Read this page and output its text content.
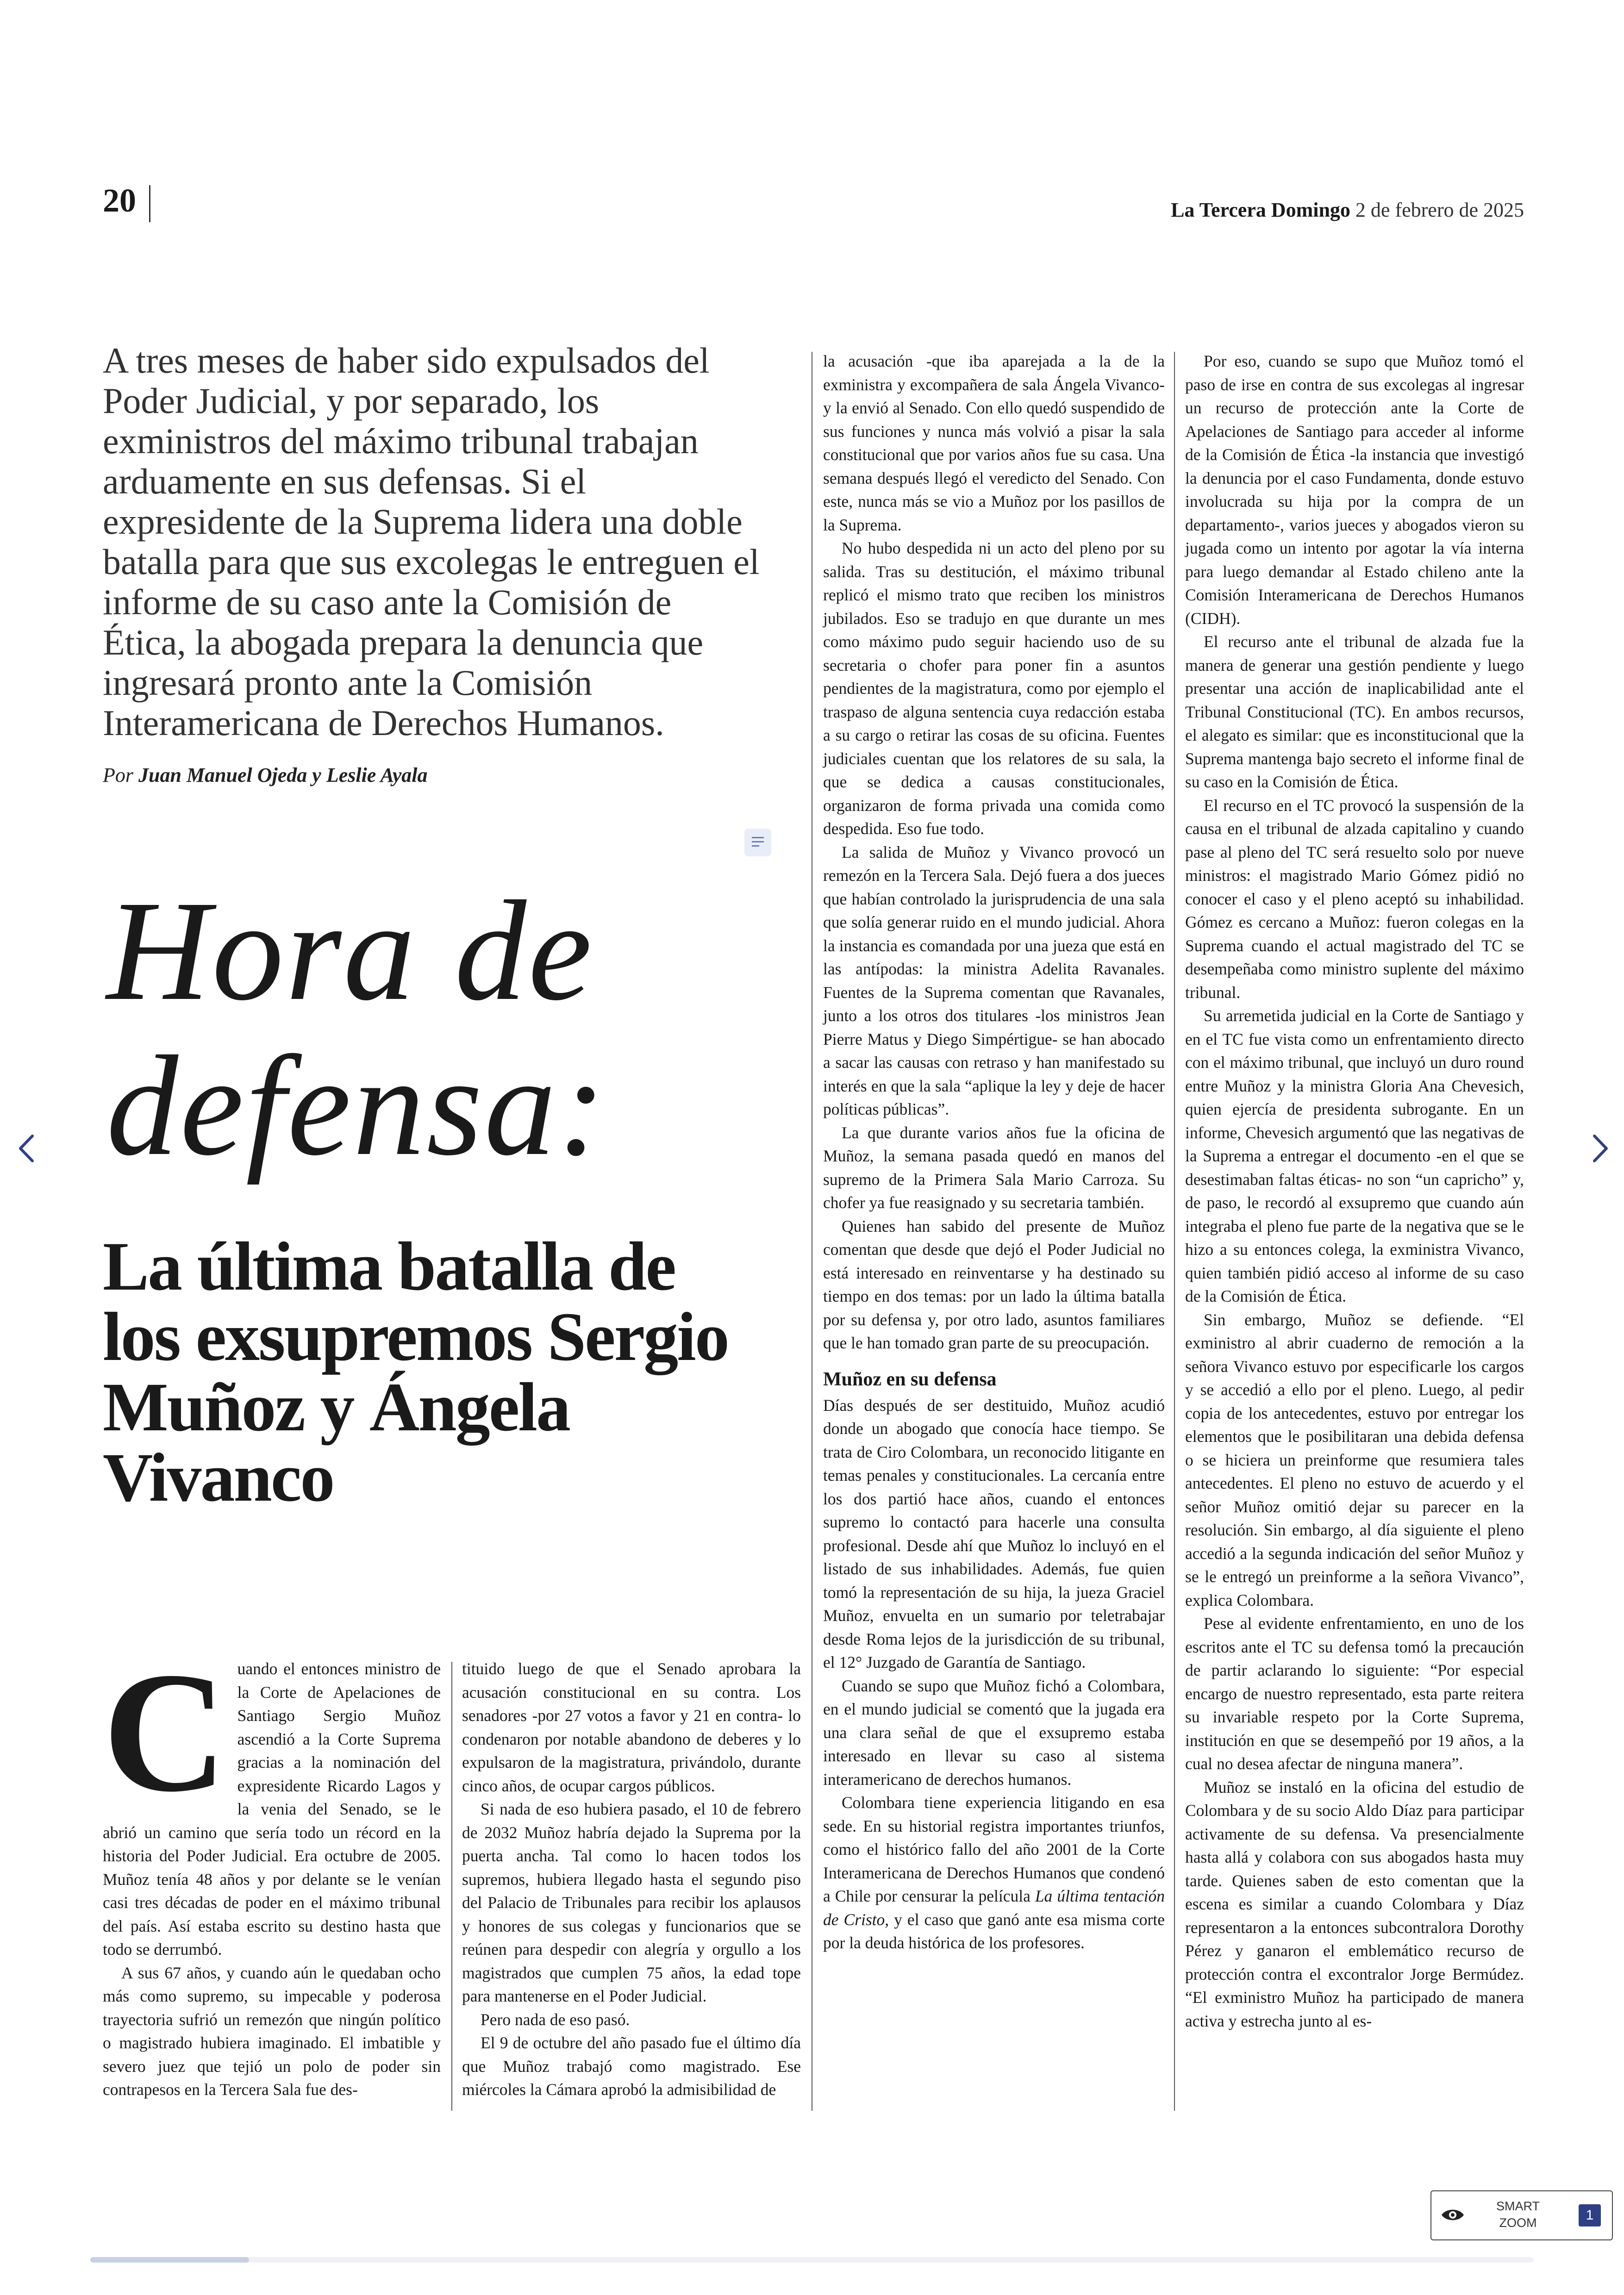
20	La Tercera Domingo 2 de febrero de 2025
A tres meses de haber sido expulsados del Poder Judicial, y por separado, los exministros del máximo tribunal trabajan arduamente en sus defensas. Si el expresidente de la Suprema lidera una doble batalla para que sus excolegas le entreguen el informe de su caso ante la Comisión de Ética, la abogada prepara la denuncia que ingresará pronto ante la Comisión Interamericana de Derechos Humanos.
Por Juan Manuel Ojeda y Leslie Ayala
Hora de
defensa:
La última batalla de los exsupremos Sergio Muñoz y Ángela Vivanco
C uando el entonces ministro de la Corte de Apelaciones de Santiago Sergio Muñoz ascendió a la Corte Suprema gracias a la nominación del expresidente Ricardo Lagos y la venia del Senado, se le abrió un camino que sería todo un récord en la historia del Poder Judicial. Era octubre de 2005. Muñoz tenía 48 años y por delante se le venían casi tres décadas de poder en el máximo tribunal del país. Así estaba escrito su destino hasta que todo se derrumbó.

A sus 67 años, y cuando aún le quedaban ocho más como supremo, su impecable y poderosa trayectoria sufrió un remezón que ningún político o magistrado hubiera imaginado. El imbatible y severo juez que tejió un polo de poder sin contrapesos en la Tercera Sala fue des-

tituido luego de que el Senado aprobara la acusación constitucional en su contra. Los senadores -por 27 votos a favor y 21 en contra- lo condenaron por notable abandono de deberes y lo expulsaron de la magistratura, privándolo, durante cinco años, de ocupar cargos públicos.

Si nada de eso hubiera pasado, el 10 de febrero de 2032 Muñoz habría dejado la Suprema por la puerta ancha. Tal como lo hacen todos los supremos, hubiera llegado hasta el segundo piso del Palacio de Tribunales para recibir los aplausos y honores de sus colegas y funcionarios que se reúnen para despedir con alegría y orgullo a los magistrados que cumplen 75 años, la edad tope para mantenerse en el Poder Judicial.

Pero nada de eso pasó.

El 9 de octubre del año pasado fue el último día que Muñoz trabajó como magistrado. Ese miércoles la Cámara aprobó la admisibilidad de

la acusación -que iba aparejada a la de la exministra y excompañera de sala Ángela Vivanco- y la envió al Senado. Con ello quedó suspendido de sus funciones y nunca más volvió a pisar la sala constitucional que por varios años fue su casa. Una semana después llegó el veredicto del Senado. Con este, nunca más se vio a Muñoz por los pasillos de la Suprema.

No hubo despedida ni un acto del pleno por su salida. Tras su destitución, el máximo tribunal replicó el mismo trato que reciben los ministros jubilados. Eso se tradujo en que durante un mes como máximo pudo seguir haciendo uso de su secretaria o chofer para poner fin a asuntos pendientes de la magistratura, como por ejemplo el traspaso de alguna sentencia cuya redacción estaba a su cargo o retirar las cosas de su oficina. Fuentes judiciales cuentan que los relatores de su sala, la que se dedica a causas constitucionales, organizaron de forma privada una comida como despedida. Eso fue todo.

La salida de Muñoz y Vivanco provocó un remezón en la Tercera Sala. Dejó fuera a dos jueces que habían controlado la jurisprudencia de una sala que solía generar ruido en el mundo judicial. Ahora la instancia es comandada por una jueza que está en las antípodas: la ministra Adelita Ravanales. Fuentes de la Suprema comentan que Ravanales, junto a los otros dos titulares -los ministros Jean Pierre Matus y Diego Simpértigue- se han abocado a sacar las causas con retraso y han manifestado su interés en que la sala “aplique la ley y deje de hacer políticas públicas”.

La que durante varios años fue la oficina de Muñoz, la semana pasada quedó en manos del supremo de la Primera Sala Mario Carroza. Su chofer ya fue reasignado y su secretaria también.

Quienes han sabido del presente de Muñoz comentan que desde que dejó el Poder Judicial no está interesado en reinventarse y ha destinado su tiempo en dos temas: por un lado la última batalla por su defensa y, por otro lado, asuntos familiares que le han tomado gran parte de su preocupación.

Muñoz en su defensa

Días después de ser destituido, Muñoz acudió donde un abogado que conocía hace tiempo. Se trata de Ciro Colombara, un reconocido litigante en temas penales y constitucionales. La cercanía entre los dos partió hace años, cuando el entonces supremo lo contactó para hacerle una consulta profesional. Desde ahí que Muñoz lo incluyó en el listado de sus inhabilidades. Además, fue quien tomó la representación de su hija, la jueza Graciel Muñoz, envuelta en un sumario por teletrabajar desde Roma lejos de la jurisdicción de su tribunal, el 12° Juzgado de Garantía de Santiago.

Cuando se supo que Muñoz fichó a Colombara, en el mundo judicial se comentó que la jugada era una clara señal de que el exsupremo estaba interesado en llevar su caso al sistema interamericano de derechos humanos.

Colombara tiene experiencia litigando en esa sede. En su historial registra importantes triunfos, como el histórico fallo del año 2001 de la Corte Interamericana de Derechos Humanos que condenó a Chile por censurar la película La última tentación de Cristo, y el caso que ganó ante esa misma corte por la deuda histórica de los profesores.

Por eso, cuando se supo que Muñoz tomó el paso de irse en contra de sus excolegas al ingresar un recurso de protección ante la Corte de Apelaciones de Santiago para acceder al informe de la Comisión de Ética -la instancia que investigó la denuncia por el caso Fundamenta, donde estuvo involucrada su hija por la compra de un departamento-, varios jueces y abogados vieron su jugada como un intento por agotar la vía interna para luego demandar al Estado chileno ante la Comisión Interamericana de Derechos Humanos (CIDH).

El recurso ante el tribunal de alzada fue la manera de generar una gestión pendiente y luego presentar una acción de inaplicabilidad ante el Tribunal Constitucional (TC). En ambos recursos, el alegato es similar: que es inconstitucional que la Suprema mantenga bajo secreto el informe final de su caso en la Comisión de Ética.

El recurso en el TC provocó la suspensión de la causa en el tribunal de alzada capitalino y cuando pase al pleno del TC será resuelto solo por nueve ministros: el magistrado Mario Gómez pidió no conocer el caso y el pleno aceptó su inhabilidad. Gómez es cercano a Muñoz: fueron colegas en la Suprema cuando el actual magistrado del TC se desempeñaba como ministro suplente del máximo tribunal.

Su arremetida judicial en la Corte de Santiago y en el TC fue vista como un enfrentamiento directo con el máximo tribunal, que incluyó un duro round entre Muñoz y la ministra Gloria Ana Chevesich, quien ejercía de presidenta subrogante. En un informe, Chevesich argumentó que las negativas de la Suprema a entregar el documento -en el que se desestimaban faltas éticas- no son “un capricho” y, de paso, le recordó al exsupremo que cuando aún integraba el pleno fue parte de la negativa que se le hizo a su entonces colega, la exministra Vivanco, quien también pidió acceso al informe de su caso de la Comisión de Ética.

Sin embargo, Muñoz se defiende. “El exministro al abrir cuaderno de remoción a la señora Vivanco estuvo por especificarle los cargos y se accedió a ello por el pleno. Luego, al pedir copia de los antecedentes, estuvo por entregar los elementos que le posibilitaran una debida defensa o se hiciera un preinforme que resumiera tales antecedentes. El pleno no estuvo de acuerdo y el señor Muñoz omitió dejar su parecer en la resolución. Sin embargo, al día siguiente el pleno accedió a la segunda indicación del señor Muñoz y se le entregó un preinforme a la señora Vivanco”, explica Colombara.

Pese al evidente enfrentamiento, en uno de los escritos ante el TC su defensa tomó la precaución de partir aclarando lo siguiente: “Por especial encargo de nuestro representado, esta parte reitera su invariable respeto por la Corte Suprema, institución en que se desempeñó por 19 años, a la cual no desea afectar de ninguna manera”.

Muñoz se instaló en la oficina del estudio de Colombara y de su socio Aldo Díaz para participar activamente de su defensa. Va presencialmente hasta allá y colabora con sus abogados hasta muy tarde. Quienes saben de esto comentan que la escena es similar a cuando Colombara y Díaz representaron a la entonces subcontralora Dorothy Pérez y ganaron el emblemático recurso de protección contra el excontralor Jorge Bermúdez. “El exministro Muñoz ha participado de manera activa y estrecha junto al es-

SMART ZOOM	1
